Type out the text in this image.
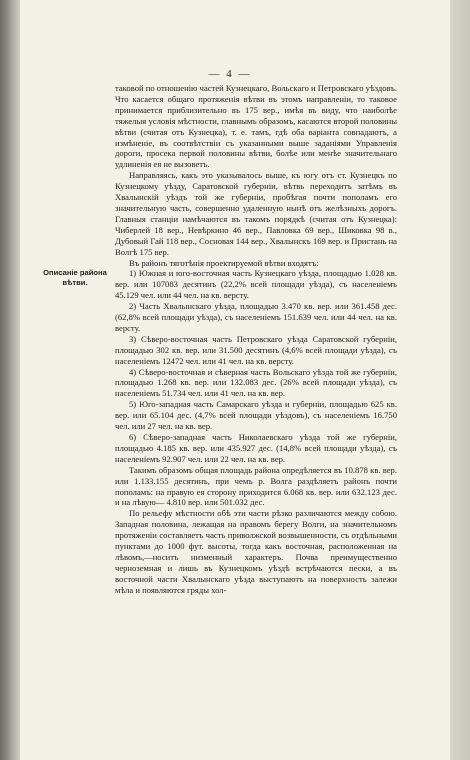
— 4 —
Описаніе района вѣтви.

таковой по отношенію частей Кузнецкаго, Вольскаго и Петровскаго уѣздовъ. Что касается общаго протяженія вѣтви въ этомъ направленіи, то таковое принимается приблизительно въ 175 вер., имѣя въ виду, что наиболѣе тяжелыя условія мѣстности, главнымъ образомъ, касаются второй половины вѣтви (считая отъ Кузнецка), т. е. тамъ, гдѣ оба варіанта совпадаютъ, а измѣненіе, въ соотвѣтствіи съ указанными выше заданіями Управленія дороги, просека первой половины вѣтви, болѣе или менѣе значительнаго удлиненія ея не вызоветъ.

Направляясь, какъ это указывалось выше, къ югу отъ ст. Кузнецкъ по Кузнецкому уѣзду, Саратовской губерніи, вѣтвь переходитъ затѣмъ въ Хвалынскій уѣздъ той же губерніи, пробѣгая почти пополамъ его значительную часть, совершенно удаленную нынѣ отъ желѣзныхъ дорогъ. Главныя станціи намѣчаются въ такомъ порядкѣ (считая отъ Кузнецка): Чиберлей 18 вер., Невѣркино 46 вер., Павловка 69 вер., Шиковка 98 в., Дубовый Гай 118 вер., Сосновая 144 вер., Хвалынскъ 169 вер. и Пристань на Волгѣ 175 вер.

Въ районъ тяготѣнія проектируемой вѣтви входятъ:

1) Южная и юго-восточная часть Кузнецкаго уѣзда, площадью 1.028 кв. вер. или 107083 десятинъ (22,2% всей площади уѣзда), съ населеніемъ 45.129 чел. или 44 чел. на кв. версту.

2) Часть Хвалынскаго уѣзда, площадью 3.470 кв. вер. или 361.458 дес. (62,8% всей площади уѣзда), съ населеніемъ 151.639 чел. или 44 чел. на кв. версту.

3) Сѣверо-восточная часть Петровскаго уѣзда Саратовской губерніи, площадью 302 кв. вер. или 31.500 десятинъ (4,6% всей площади уѣзда), съ населеніемъ 12472 чел. или 41 чел. на кв. версту.

4) Сѣверо-восточная и сѣверная часть Вольскаго уѣзда той же губерніи, площадью 1.268 кв. вер. или 132.083 дес. (26% всей площади уѣзда), съ населеніемъ 51.734 чел. или 41 чел. на кв. вер.

5) Юго-западная часть Самарскаго уѣзда и губерніи, площадью 625 кв. вер. или 65.104 дес. (4,7% всей площади уѣздовъ), съ населеніемъ 16.750 чел. или 27 чел. на кв. вер.

6) Сѣверо-западная часть Николаевскаго уѣзда той же губерніи, площадью 4.185 кв. вер. или 435.927 дес. (14,8% всей площади уѣзда), съ населеніемъ 92.907 чел. или 22 чел. на кв. вер.

Такимъ образомъ общая площадь района опредѣляется въ 10.878 кв. вер. или 1.133.155 десятинъ, при чемъ р. Волга раздѣляетъ районъ почти пополамъ: на правую ея сторону приходится 6.068 кв. вер. или 632.123 дес. и на лѣвую— 4.810 вер. или 501.032 дес.

По рельефу мѣстности обѣ эти части рѣзко различаются между собою. Западная половина, лежащая на правомъ берегу Волги, на значительномъ протяженіи составляетъ часть приволжской возвышенности, съ отдѣльными пунктами до 1000 фут. высоты, тогда какъ восточная, расположенная на лѣвомъ,—носитъ низменный характеръ. Почва преимущественно черноземная и лишь въ Кузнецкомъ уѣздѣ встрѣчаются пески, а въ восточной части Хвалынскаго уѣзда выступаютъ на поверхность залежи мѣла и появляются гряды хол-
